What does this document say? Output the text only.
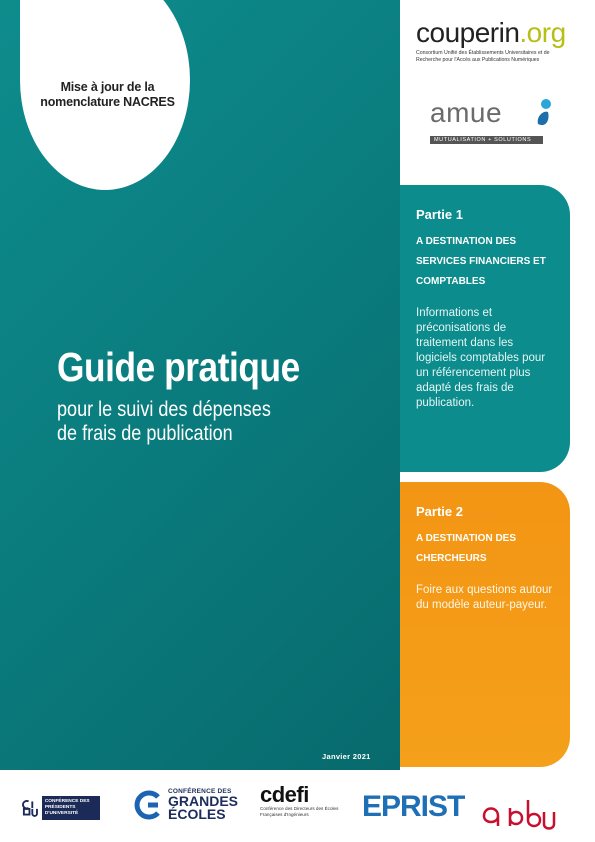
Mise à jour de la nomenclature NACRES
Guide pratique
pour le suivi des dépenses
de frais de publication
Janvier 2021
couperin.org
Consortium Unifié des Établissements Universitaires et de Recherche pour l'Accès aux Publications Numériques
amue
MUTUALISATION + SOLUTIONS
Partie 1
A DESTINATION DES
SERVICES FINANCIERS ET
COMPTABLES
Informations et préconisations de traitement dans les logiciels comptables pour un référencement plus adapté des frais de publication.
Partie 2
A DESTINATION DES
CHERCHEURS
Foire aux questions autour du modèle auteur-payeur.
CONFÉRENCE DES PRÉSIDENTS D'UNIVERSITÉ
CONFÉRENCE DES
GRANDES
ÉCOLES
cdefi
Conférence des Directeurs des Écoles Françaises d'Ingénieurs	EPRIST
